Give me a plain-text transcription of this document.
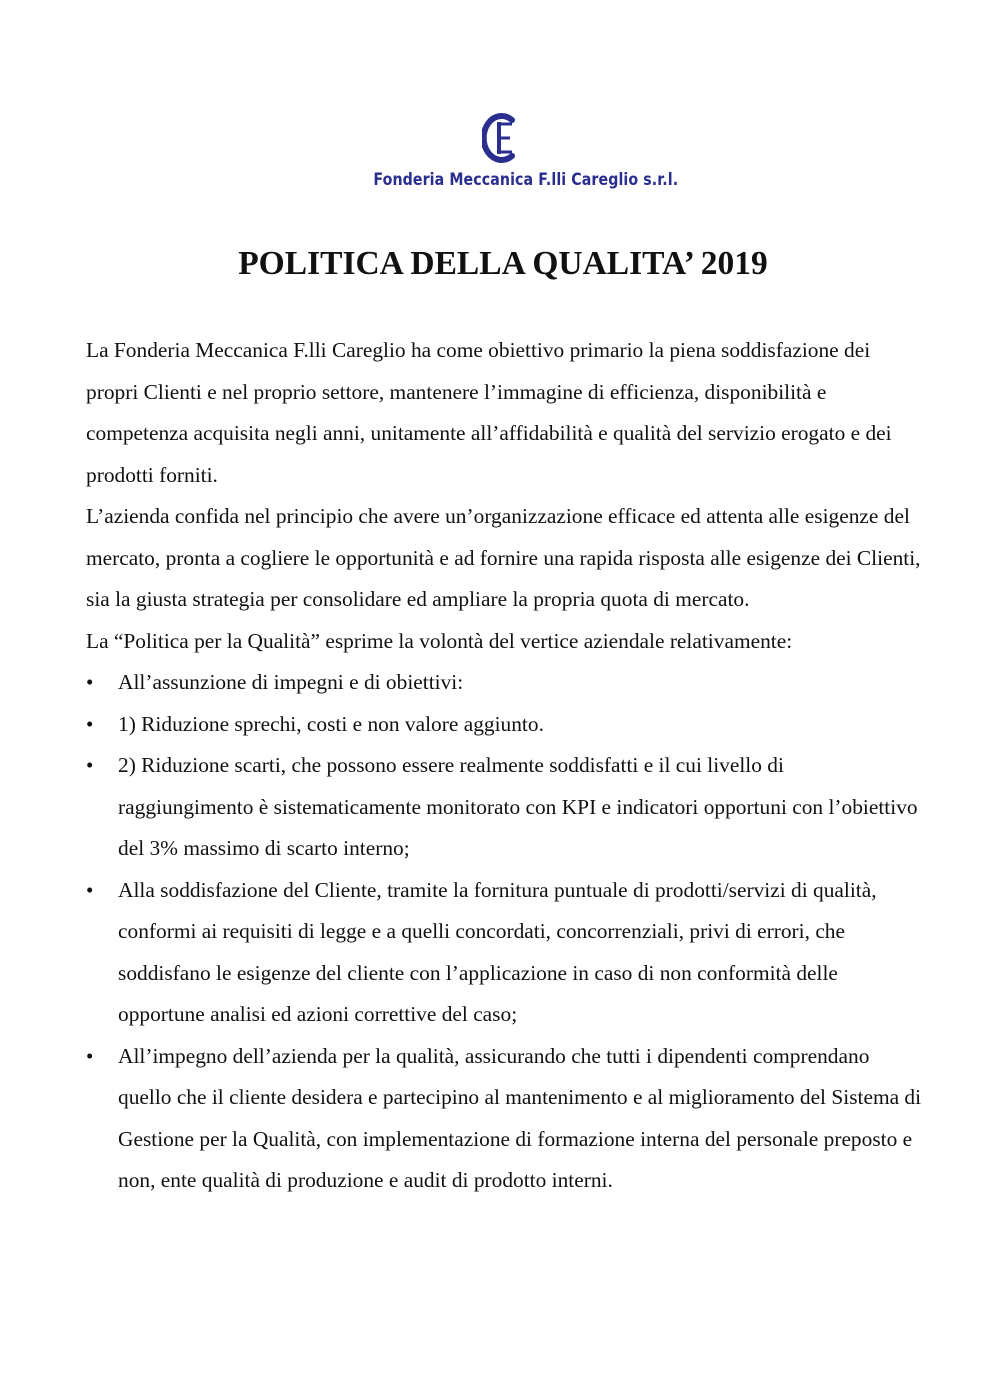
Fonderia Meccanica F.lli Careglio s.r.l.
POLITICA DELLA QUALITA’ 2019

La Fonderia Meccanica F.lli Careglio ha come obiettivo primario la piena soddisfazione dei propri Clienti e nel proprio settore, mantenere l’immagine di efficienza, disponibilità e competenza acquisita negli anni, unitamente all’affidabilità e qualità del servizio erogato e dei prodotti forniti.

L’azienda confida nel principio che avere un’organizzazione efficace ed attenta alle esigenze del mercato, pronta a cogliere le opportunità e ad fornire una rapida risposta alle esigenze dei Clienti, sia la giusta strategia per consolidare ed ampliare la propria quota di mercato.

La “Politica per la Qualità” esprime la volontà del vertice aziendale relativamente:

• All’assunzione di impegni e di obiettivi:
• 1) Riduzione sprechi, costi e non valore aggiunto.
• 2) Riduzione scarti, che possono essere realmente soddisfatti e il cui livello di raggiungimento è sistematicamente monitorato con KPI e indicatori opportuni con l’obiettivo del 3% massimo di scarto interno;
• Alla soddisfazione del Cliente, tramite la fornitura puntuale di prodotti/servizi di qualità, conformi ai requisiti di legge e a quelli concordati, concorrenziali, privi di errori, che soddisfano le esigenze del cliente con l’applicazione in caso di non conformità delle opportune analisi ed azioni correttive del caso;
• All’impegno dell’azienda per la qualità, assicurando che tutti i dipendenti comprendano quello che il cliente desidera e partecipino al mantenimento e al miglioramento del Sistema di Gestione per la Qualità, con implementazione di formazione interna del personale preposto e non, ente qualità di produzione e audit di prodotto interni.
